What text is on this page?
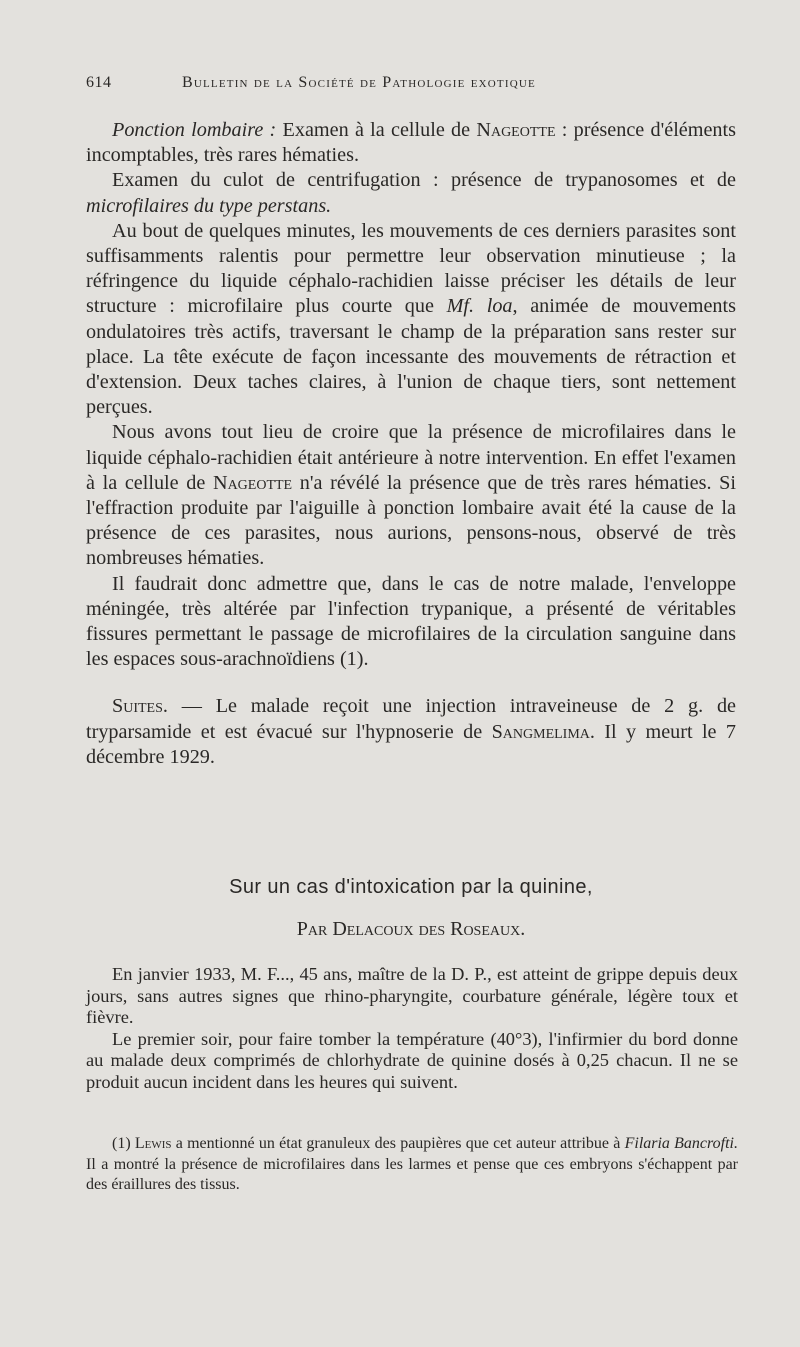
614	Bulletin de la Société de Pathologie exotique

Ponction lombaire : Examen à la cellule de Nageotte : présence d'éléments incomptables, très rares hématies.

Examen du culot de centrifugation : présence de trypanosomes et de microfilaires du type perstans.

Au bout de quelques minutes, les mouvements de ces derniers parasites sont suffisamments ralentis pour permettre leur observation minutieuse ; la réfringence du liquide céphalo-rachidien laisse préciser les détails de leur structure : microfilaire plus courte que Mf. loa, animée de mouvements ondulatoires très actifs, traversant le champ de la préparation sans rester sur place. La tête exécute de façon incessante des mouvements de rétraction et d'extension. Deux taches claires, à l'union de chaque tiers, sont nettement perçues.

Nous avons tout lieu de croire que la présence de microfilaires dans le liquide céphalo-rachidien était antérieure à notre intervention. En effet l'examen à la cellule de Nageotte n'a révélé la présence que de très rares hématies. Si l'effraction produite par l'aiguille à ponction lombaire avait été la cause de la présence de ces parasites, nous aurions, pensons-nous, observé de très nombreuses hématies.

Il faudrait donc admettre que, dans le cas de notre malade, l'enveloppe méningée, très altérée par l'infection trypanique, a présenté de véritables fissures permettant le passage de microfilaires de la circulation sanguine dans les espaces sous-arachnoïdiens (1).

Suites. — Le malade reçoit une injection intraveineuse de 2 g. de tryparsamide et est évacué sur l'hypnoserie de Sangmelima. Il y meurt le 7 décembre 1929.

Sur un cas d'intoxication par la quinine,
Par Delacoux des Roseaux.

En janvier 1933, M. F..., 45 ans, maître de la D. P., est atteint de grippe depuis deux jours, sans autres signes que rhino-pharyngite, courbature générale, légère toux et fièvre.

Le premier soir, pour faire tomber la température (40°3), l'infirmier du bord donne au malade deux comprimés de chlorhydrate de quinine dosés à 0,25 chacun. Il ne se produit aucun incident dans les heures qui suivent.

(1) Lewis a mentionné un état granuleux des paupières que cet auteur attribue à Filaria Bancrofti. Il a montré la présence de microfilaires dans les larmes et pense que ces embryons s'échappent par des éraillures des tissus.
